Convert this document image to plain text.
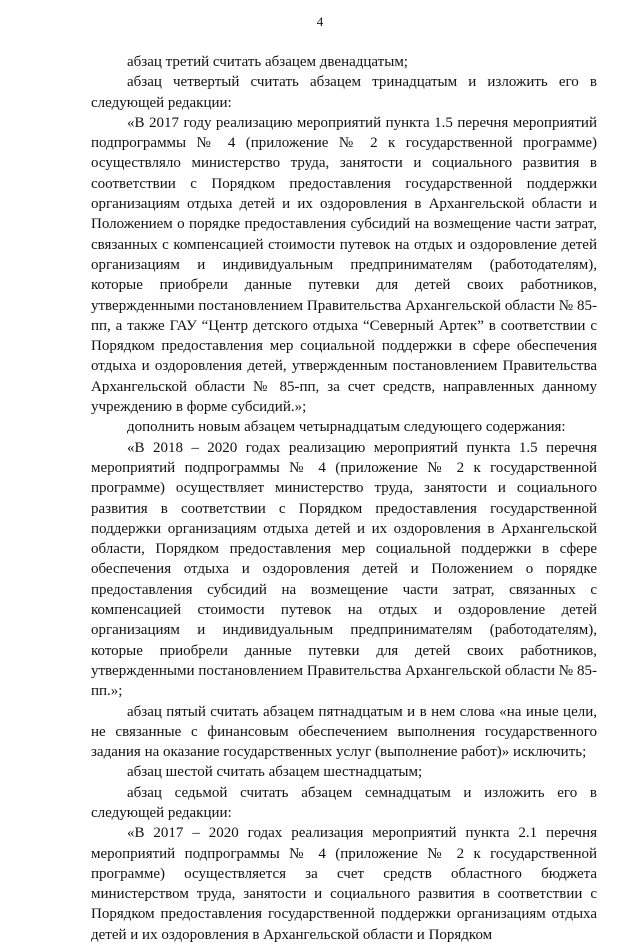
4

абзац третий считать абзацем двенадцатым;

абзац четвертый считать абзацем тринадцатым и изложить его в следующей редакции:

«В 2017 году реализацию мероприятий пункта 1.5 перечня мероприятий подпрограммы № 4 (приложение № 2 к государственной программе) осуществляло министерство труда, занятости и социального развития в соответствии с Порядком предоставления государственной поддержки организациям отдыха детей и их оздоровления в Архангельской области и Положением о порядке предоставления субсидий на возмещение части затрат, связанных с компенсацией стоимости путевок на отдых и оздоровление детей организациям и индивидуальным предпринимателям (работодателям), которые приобрели данные путевки для детей своих работников, утвержденными постановлением Правительства Архангельской области № 85-пп, а также ГАУ “Центр детского отдыха “Северный Артек” в соответствии с Порядком предоставления мер социальной поддержки в сфере обеспечения отдыха и оздоровления детей, утвержденным постановлением Правительства Архангельской области № 85-пп, за счет средств, направленных данному учреждению в форме субсидий.»;

дополнить новым абзацем четырнадцатым следующего содержания:

«В 2018 – 2020 годах реализацию мероприятий пункта 1.5 перечня мероприятий подпрограммы № 4 (приложение № 2 к государственной программе) осуществляет министерство труда, занятости и социального развития в соответствии с Порядком предоставления государственной поддержки организациям отдыха детей и их оздоровления в Архангельской области, Порядком предоставления мер социальной поддержки в сфере обеспечения отдыха и оздоровления детей и Положением о порядке предоставления субсидий на возмещение части затрат, связанных с компенсацией стоимости путевок на отдых и оздоровление детей организациям и индивидуальным предпринимателям (работодателям), которые приобрели данные путевки для детей своих работников, утвержденными постановлением Правительства Архангельской области № 85-пп.»;

абзац пятый считать абзацем пятнадцатым и в нем слова «на иные цели, не связанные с финансовым обеспечением выполнения государственного задания на оказание государственных услуг (выполнение работ)» исключить;

абзац шестой считать абзацем шестнадцатым;

абзац седьмой считать абзацем семнадцатым и изложить его в следующей редакции:

«В 2017 – 2020 годах реализация мероприятий пункта 2.1 перечня мероприятий подпрограммы № 4 (приложение № 2 к государственной программе) осуществляется за счет средств областного бюджета министерством труда, занятости и социального развития в соответствии с Порядком предоставления государственной поддержки организациям отдыха детей и их оздоровления в Архангельской области и Порядком
